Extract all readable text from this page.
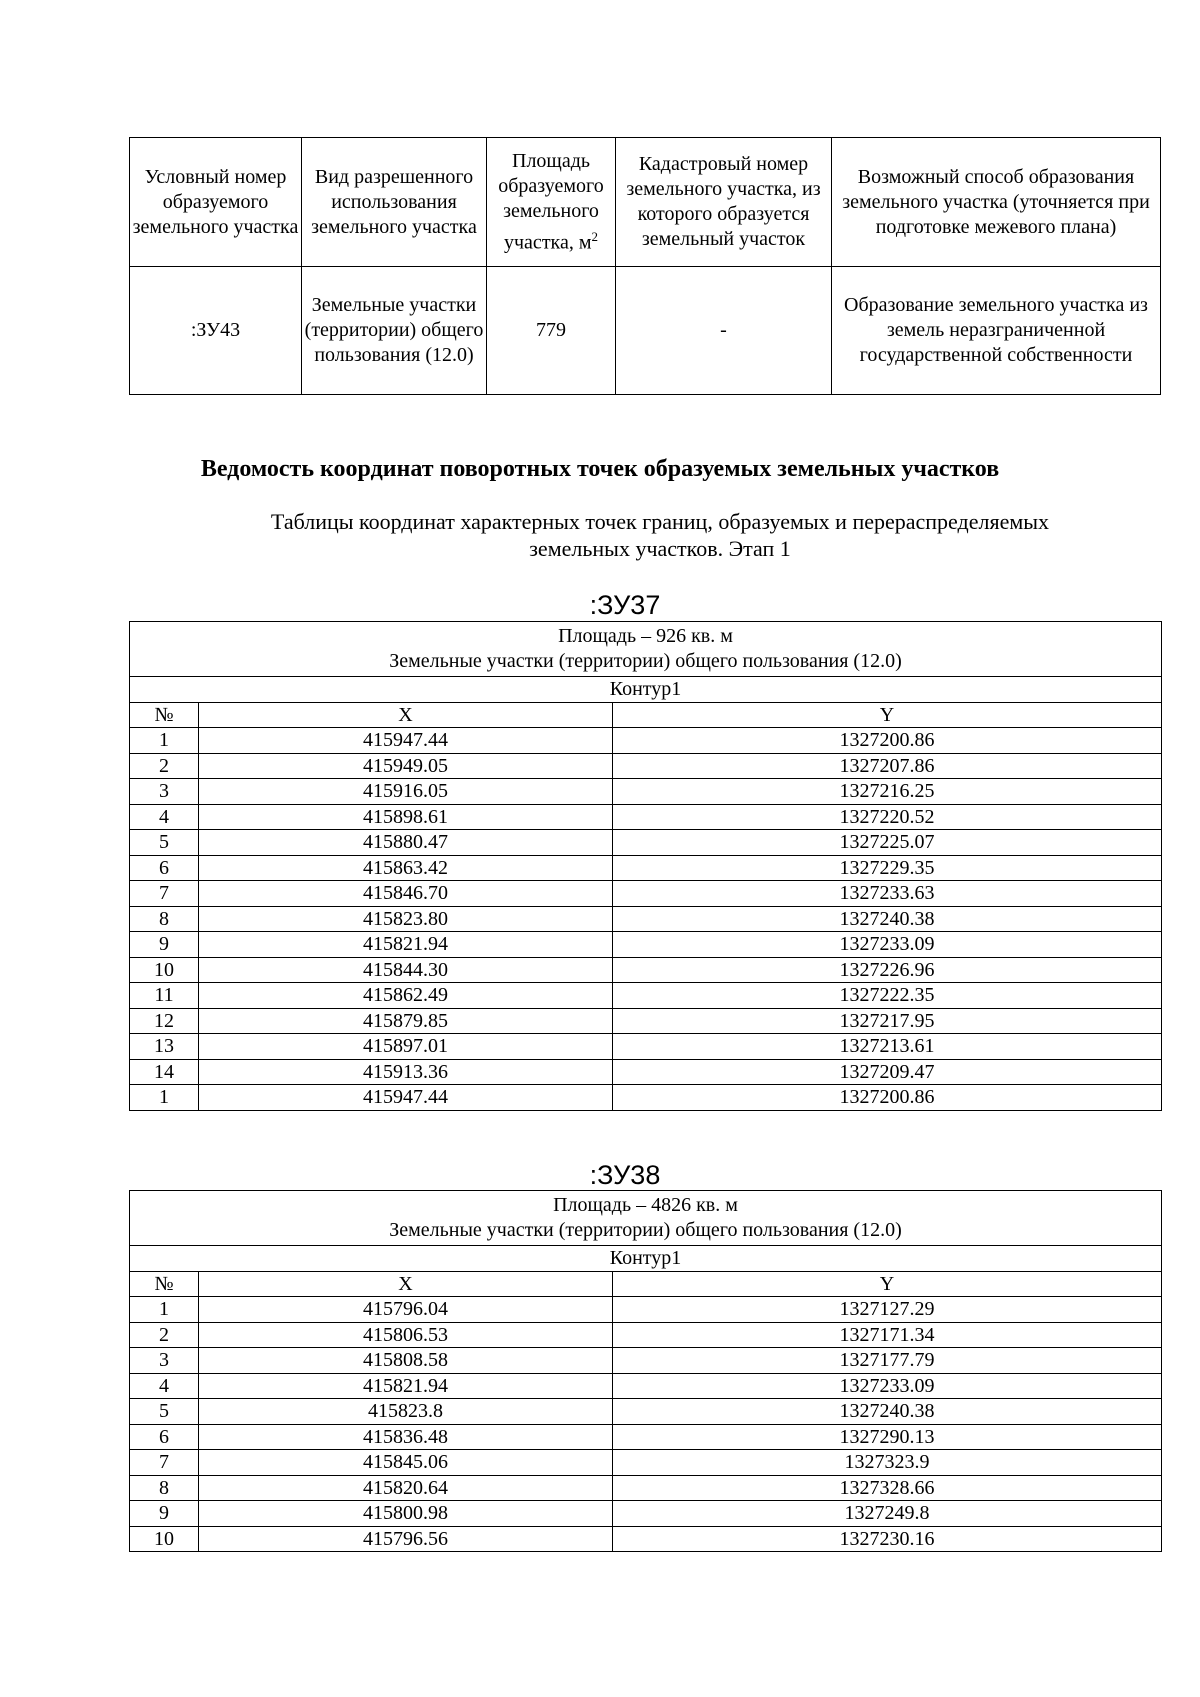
Условный номер образуемого земельного участка	Вид разрешенного использования земельного участка	Площадь образуемого земельного участка, $м^2$	Кадастровый номер земельного участка, из которого образуется земельный участок	Возможный способ образования земельного участка (уточняется при подготовке межевого плана)
:ЗУ43	Земельные участки (территории) общего пользования (12.0)	779	-	Образование земельного участка из земель неразграниченной государственной собственности
Ведомость координат поворотных точек образуемых земельных участков

Таблицы координат характерных точек границ, образуемых и перераспределяемых земельных участков. Этап 1

:ЗУ37
Площадь – 926 кв. м
Земельные участки (территории) общего пользования (12.0)		

Контур1		
№	X	Y
1	415947.44	1327200.86
2	415949.05	1327207.86
3	415916.05	1327216.25
4	415898.61	1327220.52
5	415880.47	1327225.07
6	415863.42	1327229.35
7	415846.70	1327233.63
8	415823.80	1327240.38
9	415821.94	1327233.09
10	415844.30	1327226.96
11	415862.49	1327222.35
12	415879.85	1327217.95
13	415897.01	1327213.61
14	415913.36	1327209.47
1	415947.44	1327200.86
:ЗУ38
Площадь – 4826 кв. м
Земельные участки (территории) общего пользования (12.0)		

Контур1		
№	X	Y
1	415796.04	1327127.29
2	415806.53	1327171.34
3	415808.58	1327177.79
4	415821.94	1327233.09
5	415823.8	1327240.38
6	415836.48	1327290.13
7	415845.06	1327323.9
8	415820.64	1327328.66
9	415800.98	1327249.8
10	415796.56	1327230.16
